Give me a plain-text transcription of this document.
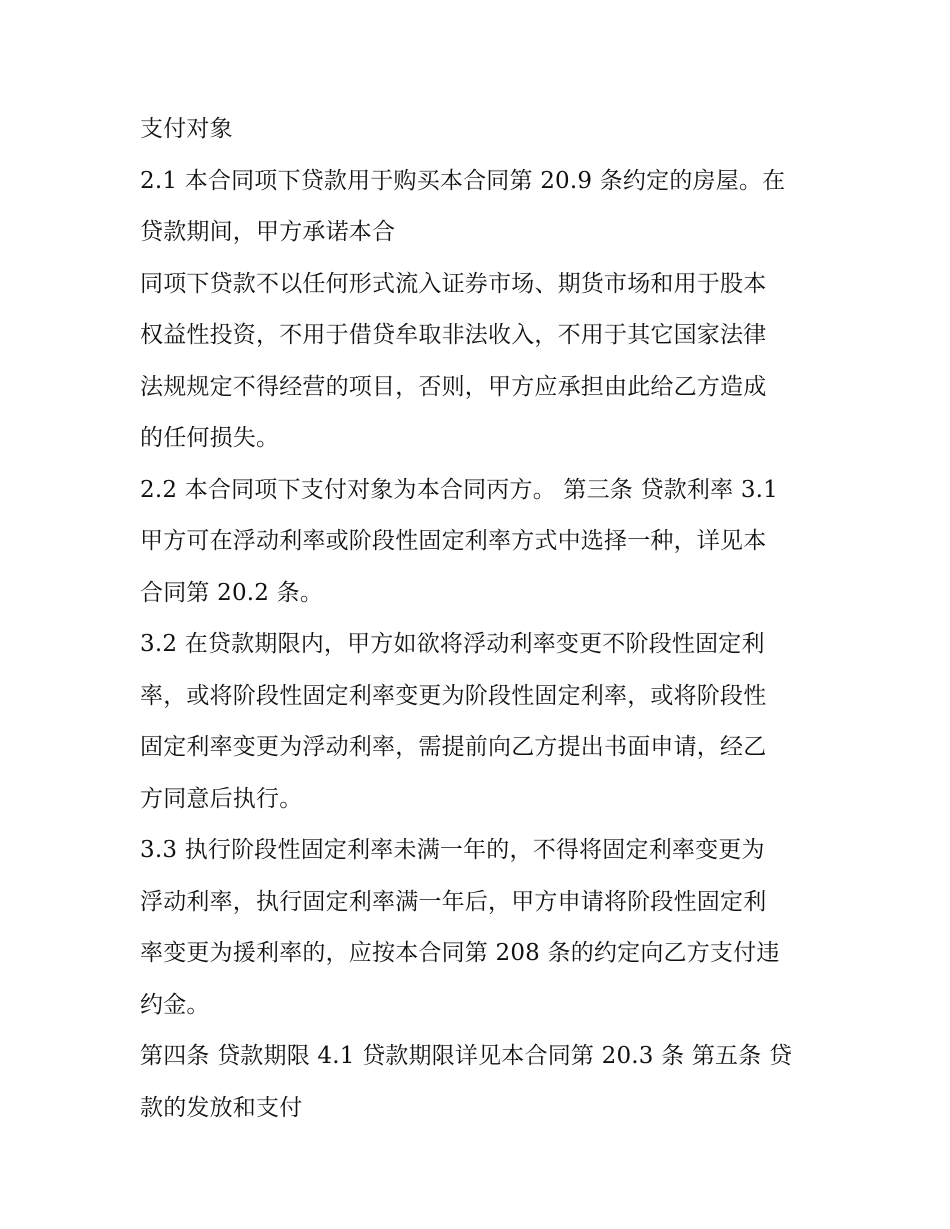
支付对象
2.1 本合同项下贷款用于购买本合同第 20.9 条约定的房屋。在
贷款期间，甲方承诺本合
同项下贷款不以任何形式流入证券市场、期货市场和用于股本
权益性投资，不用于借贷牟取非法收入，不用于其它国家法律
法规规定不得经营的项目，否则，甲方应承担由此给乙方造成
的任何损失。
2.2 本合同项下支付对象为本合同丙方。 第三条 贷款利率 3.1
甲方可在浮动利率或阶段性固定利率方式中选择一种，详见本
合同第 20.2 条。
3.2 在贷款期限内，甲方如欲将浮动利率变更不阶段性固定利
率，或将阶段性固定利率变更为阶段性固定利率，或将阶段性
固定利率变更为浮动利率，需提前向乙方提出书面申请，经乙
方同意后执行。
3.3 执行阶段性固定利率未满一年的，不得将固定利率变更为
浮动利率，执行固定利率满一年后，甲方申请将阶段性固定利
率变更为援利率的，应按本合同第 208 条的约定向乙方支付违
约金。
第四条 贷款期限 4.1 贷款期限详见本合同第 20.3 条 第五条 贷
款的发放和支付
